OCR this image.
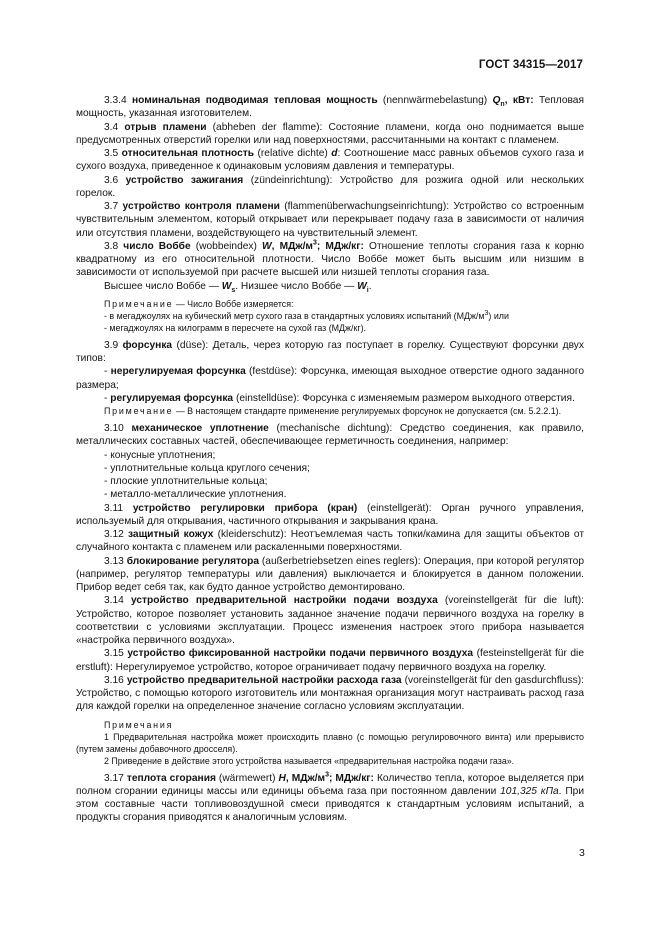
ГОСТ 34315—2017

3.3.4 номинальная подводимая тепловая мощность (nennwärmebelastung) $Q_n$, кВт: Тепловая мощность, указанная изготовителем.

3.4 отрыв пламени (abheben der flamme): Состояние пламени, когда оно поднимается выше предусмотренных отверстий горелки или над поверхностями, рассчитанными на контакт с пламенем.

3.5 относительная плотность (relative dichte) d: Соотношение масс равных объемов сухого газа и сухого воздуха, приведенное к одинаковым условиям давления и температуры.

3.6 устройство зажигания (zündeinrichtung): Устройство для розжига одной или нескольких горелок.

3.7 устройство контроля пламени (flammenüberwachungseinrichtung): Устройство со встроенным чувствительным элементом, который открывает или перекрывает подачу газа в зависимости от наличия или отсутствия пламени, воздействующего на чувствительный элемент.

3.8 число Воббе (wobbeindex) W, МДж/$м^3$; МДж/кг: Отношение теплоты сгорания газа к корню квадратному из его относительной плотности. Число Воббе может быть высшим или низшим в зависимости от используемой при расчете высшей или низшей теплоты сгорания газа.

Высшее число Воббе — $W_s$. Низшее число Воббе — $W_i$.

Примечание — Число Воббе измеряется:

- в мегаджоулях на кубический метр сухого газа в стандартных условиях испытаний $(МДж/м^3)$ или

- мегаджоулях на килограмм в пересчете на сухой газ (МДж/кг).

3.9 форсунка (düse): Деталь, через которую газ поступает в горелку. Существуют форсунки двух типов:

- нерегулируемая форсунка (festdüse): Форсунка, имеющая выходное отверстие одного заданного размера;

- регулируемая форсунка (einstelldüse): Форсунка с изменяемым размером выходного отверстия.

Примечание — В настоящем стандарте применение регулируемых форсунок не допускается (см. 5.2.2.1).

3.10 механическое уплотнение (mechanische dichtung): Средство соединения, как правило, металлических составных частей, обеспечивающее герметичность соединения, например:

- конусные уплотнения;

- уплотнительные кольца круглого сечения;

- плоские уплотнительные кольца;

- металло-металлические уплотнения.

3.11 устройство регулировки прибора (кран) (einstellgerät): Орган ручного управления, используемый для открывания, частичного открывания и закрывания крана.

3.12 защитный кожух (kleiderschutz): Неотъемлемая часть топки/камина для защиты объектов от случайного контакта с пламенем или раскаленными поверхностями.

3.13 блокирование регулятора (außerbetriebsetzen eines reglers): Операция, при которой регулятор (например, регулятор температуры или давления) выключается и блокируется в данном положении. Прибор ведет себя так, как будто данное устройство демонтировано.

3.14 устройство предварительной настройки подачи воздуха (voreinstellgerät für die luft): Устройство, которое позволяет установить заданное значение подачи первичного воздуха на горелку в соответствии с условиями эксплуатации. Процесс изменения настроек этого прибора называется «настройка первичного воздуха».

3.15 устройство фиксированной настройки подачи первичного воздуха (festeinstellgerät für die erstluft): Нерегулируемое устройство, которое ограничивает подачу первичного воздуха на горелку.

3.16 устройство предварительной настройки расхода газа (voreinstellgerät für den gasdurchfluss): Устройство, с помощью которого изготовитель или монтажная организация могут настраивать расход газа для каждой горелки на определенное значение согласно условиям эксплуатации.

Примечания

1 Предварительная настройка может происходить плавно (с помощью регулировочного винта) или прерывисто (путем замены добавочного дросселя).

2 Приведение в действие этого устройства называется «предварительная настройка подачи газа».

3.17 теплота сгорания (wärmewert) H, МДж/$м^3$; МДж/кг: Количество тепла, которое выделяется при полном сгорании единицы массы или единицы объема газа при постоянном давлении 101,325 кПа. При этом составные части топливовоздушной смеси приводятся к стандартным условиям испытаний, а продукты сгорания приводятся к аналогичным условиям.

3
